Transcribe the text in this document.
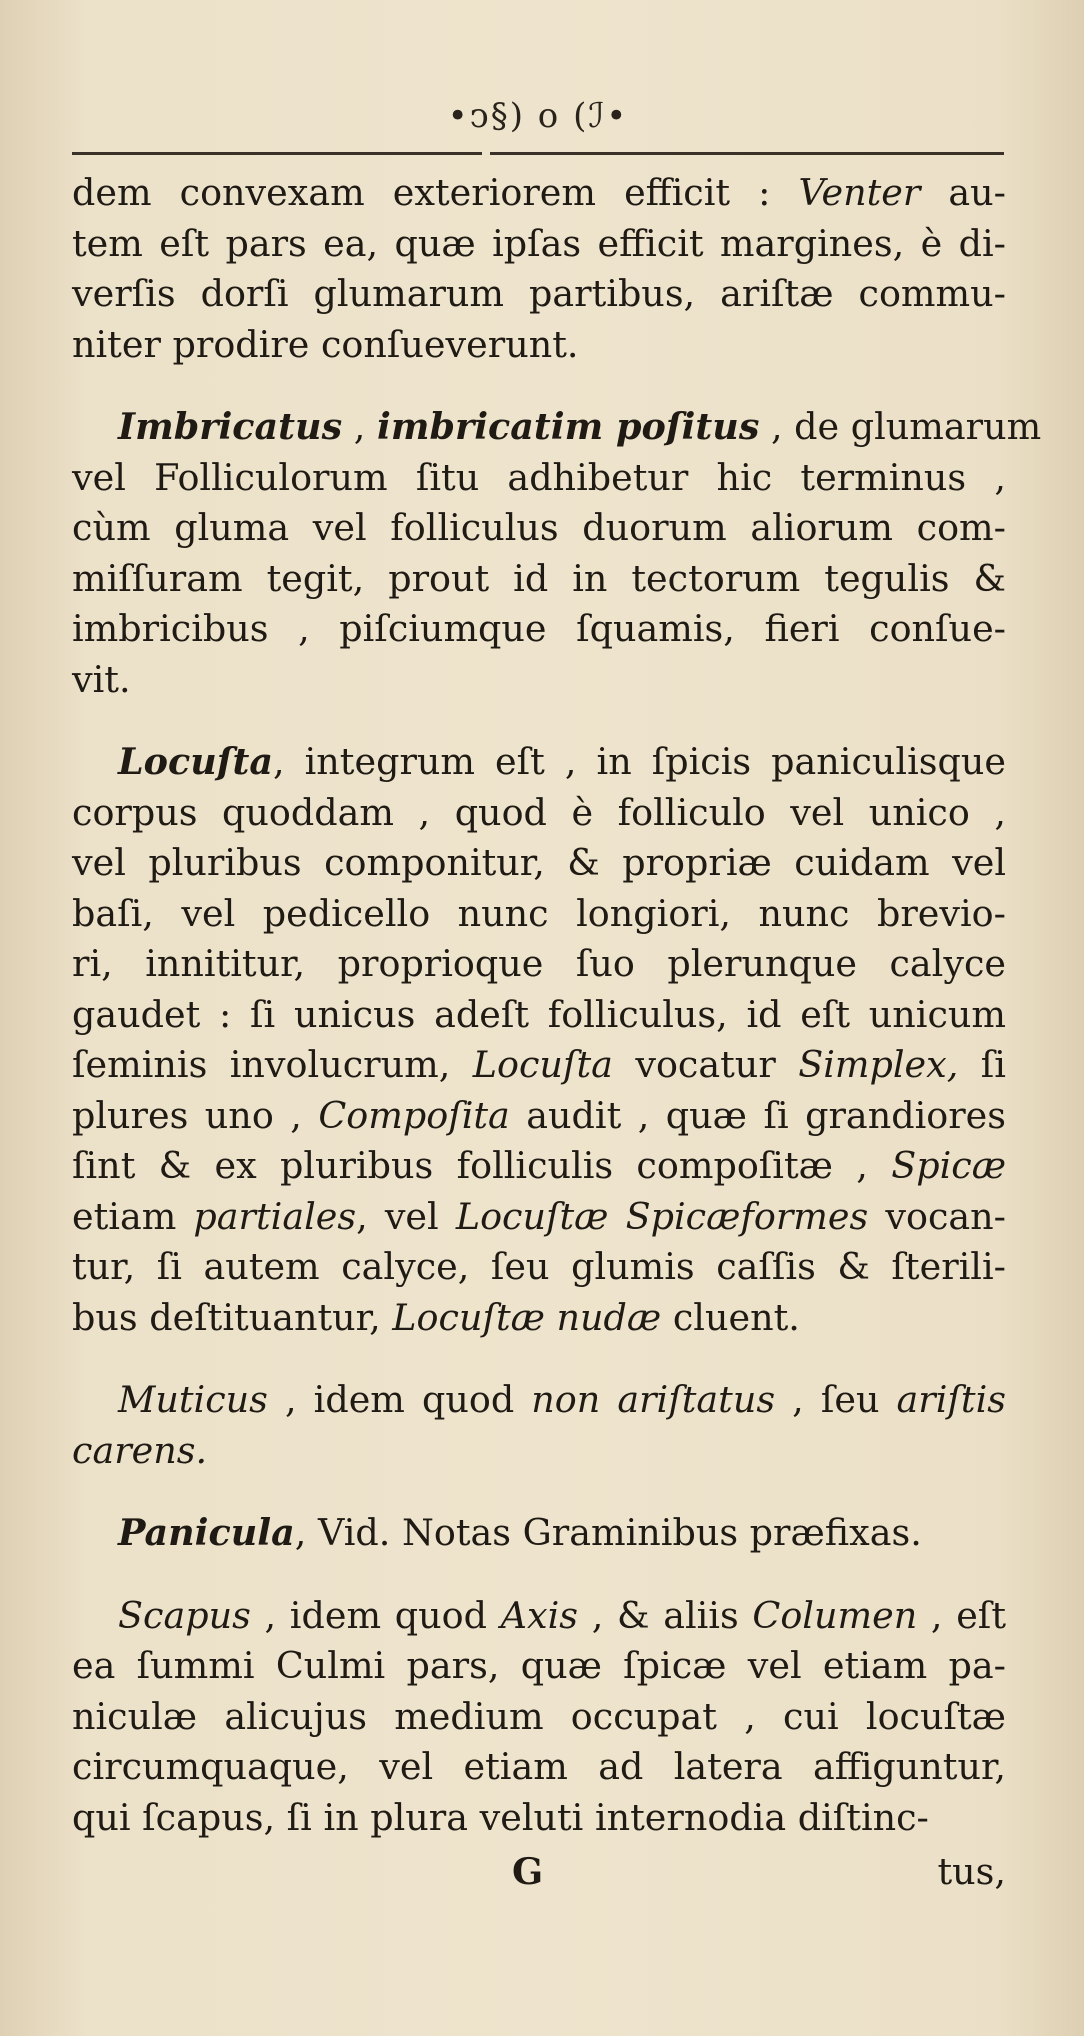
•ↄ§) o (ℐ•
dem convexam exteriorem efficit : Venter au-
tem eſt pars ea, quæ ipſas efficit margines, è di-
verſis dorſi glumarum partibus, ariſtæ commu-
niter prodire conſueverunt.
Imbricatus , imbricatim poſitus , de glumarum
vel Folliculorum ſitu adhibetur hic terminus ,
cùm gluma vel folliculus duorum aliorum com-
miſſuram tegit, prout id in tectorum tegulis &
imbricibus , piſciumque ſquamis, fieri conſue-
vit.
Locuſta, integrum eſt , in ſpicis paniculisque
corpus quoddam , quod è folliculo vel unico ,
vel pluribus componitur, & propriæ cuidam vel
baſi, vel pedicello nunc longiori, nunc brevio-
ri, innititur, proprioque ſuo plerunque calyce
gaudet : ſi unicus adeſt folliculus, id eſt unicum
ſeminis involucrum, Locuſta vocatur Simplex, ſi
plures uno , Compoſita audit , quæ ſi grandiores
ſint & ex pluribus folliculis compoſitæ , Spicæ
etiam partiales, vel Locuſtæ Spicæformes vocan-
tur, ſi autem calyce, ſeu glumis caſſis & ſterili-
bus deſtituantur, Locuſtæ nudæ cluent.
Muticus , idem quod non ariſtatus , ſeu ariſtis
carens.
Panicula, Vid. Notas Graminibus præfixas.
Scapus , idem quod Axis , & aliis Columen , eſt
ea ſummi Culmi pars, quæ ſpicæ vel etiam pa-
niculæ alicujus medium occupat , cui locuſtæ
circumquaque, vel etiam ad latera affiguntur,
qui ſcapus, ſi in plura veluti internodia diſtinc-
G	tus,
